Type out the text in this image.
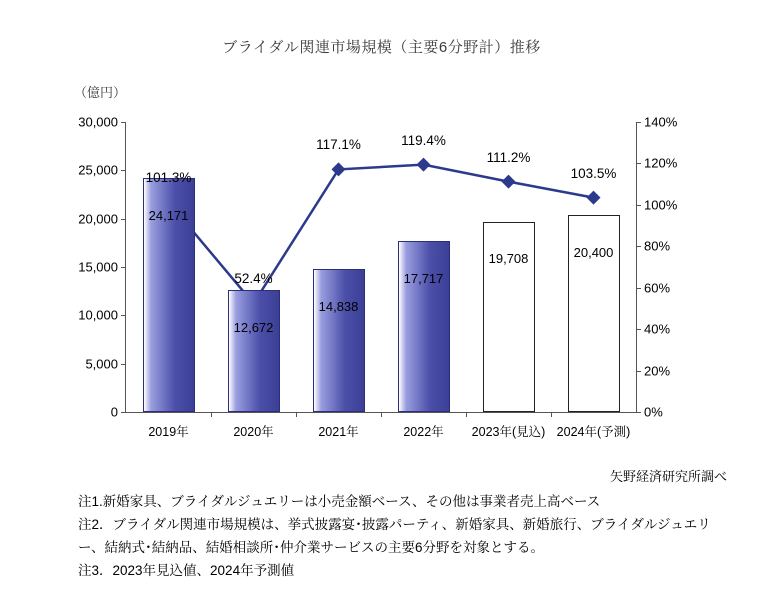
ブライダル関連市場規模（主要6分野計）推移
（億円）
0
5,000
10,000
15,000
20,000
25,000
30,000
0%
20%
40%
60%
80%
100%
120%
140%
24,171
2019年
101.3%
12,672
2020年
52.4%
14,838
2021年
117.1%
17,717
2022年
119.4%
19,708
2023年(見込)
111.2%
20,400
2024年(予測)
103.5%
矢野経済研究所調べ
注1.新婚家具、ブライダルジュエリーは小売金額ベース、その他は事業者売上高ベース
注2．ブライダル関連市場規模は、挙式披露宴･披露パーティ、新婚家具、新婚旅行、ブライダルジュエリー、結納式･結納品、結婚相談所･仲介業サービスの主要6分野を対象とする。
注3．2023年見込値、2024年予測値
